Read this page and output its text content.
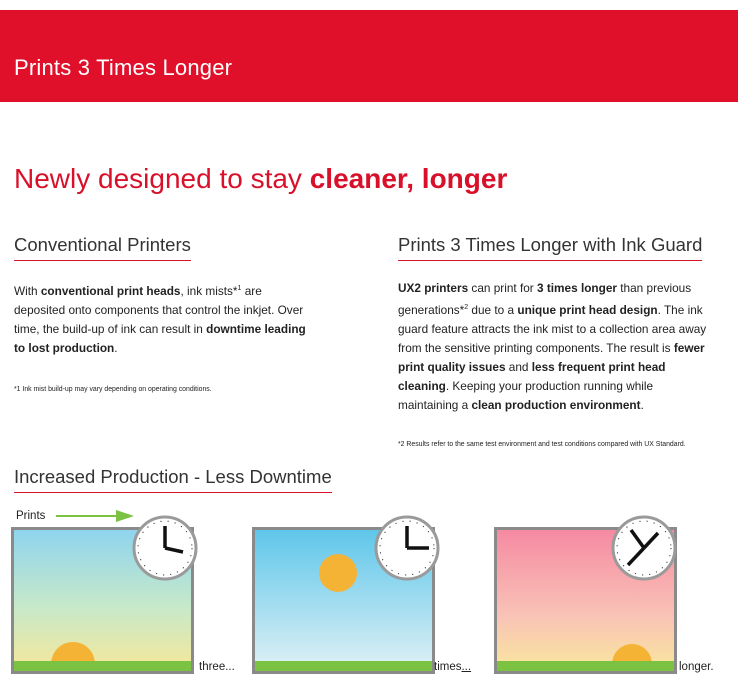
Prints 3 Times Longer
Newly designed to stay cleaner, longer
Conventional Printers
With conventional print heads, ink mists*$^1$ are deposited onto components that control the inkjet. Over time, the build-up of ink can result in downtime leading to lost production.
*1 Ink mist build-up may vary depending on operating conditions.
Prints 3 Times Longer with Ink Guard
UX2 printers can print for 3 times longer than previous generations*$^2$ due to a unique print head design. The ink guard feature attracts the ink mist to a collection area away from the sensitive printing components. The result is fewer print quality issues and less frequent print head cleaning. Keeping your production running while maintaining a clean production environment.
*2 Results refer to the same test environment and test conditions compared with UX Standard.
Increased Production - Less Downtime
Prints
three...	times...	longer.
